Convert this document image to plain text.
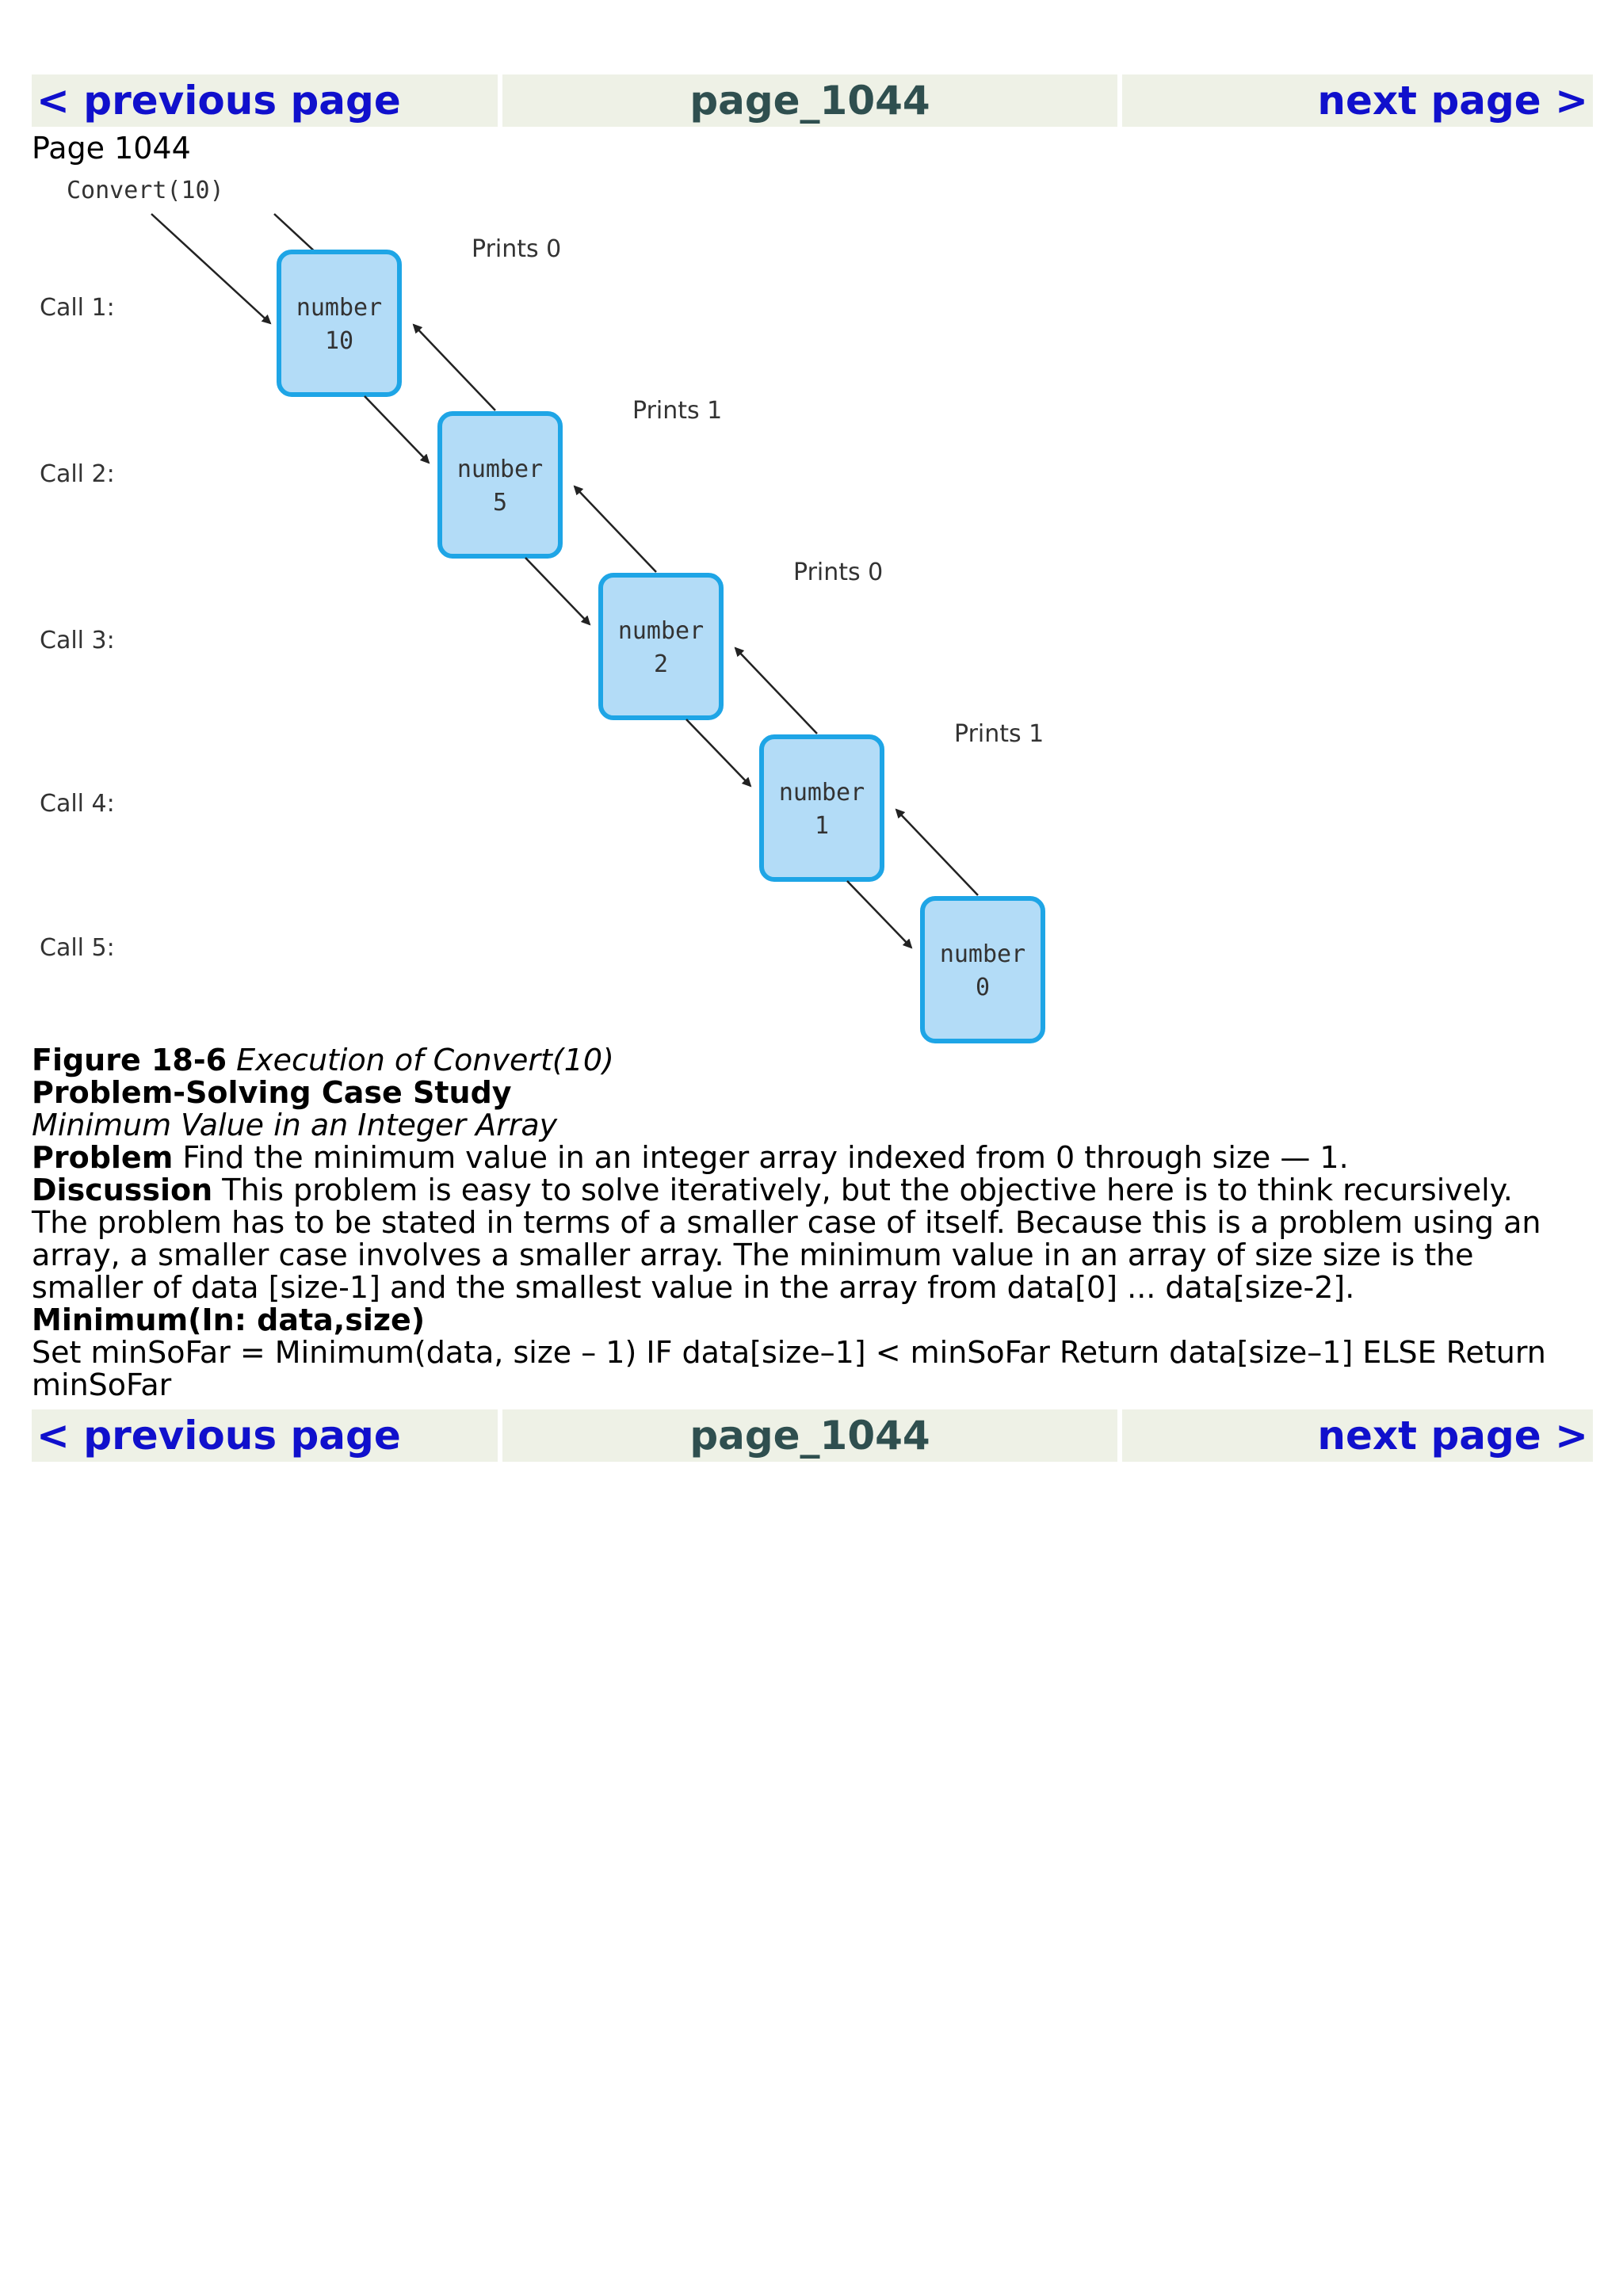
< previous page	page_1044	next page >
Page 1044
Convert(10)
Call 1:	number
10
Prints 0
Call 2:	number
5
Prints 1
Call 3:	number
2
Prints 0
Call 4:	number
1
Prints 1
Call 5:	number
0
Figure 18-6 Execution of Convert(10)
Problem-Solving Case Study
Minimum Value in an Integer Array
Problem Find the minimum value in an integer array indexed from 0 through size — 1.
Discussion This problem is easy to solve iteratively, but the objective here is to think recursively. The problem has to be stated in terms of a smaller case of itself. Because this is a problem using an array, a smaller case involves a smaller array. The minimum value in an array of size size is the smaller of data [size-1] and the smallest value in the array from data[0] ... data[size-2].
Minimum(In: data,size)
Set minSoFar = Minimum(data, size – 1) IF data[size–1] < minSoFar Return data[size–1] ELSE Return minSoFar
< previous page	page_1044	next page >
